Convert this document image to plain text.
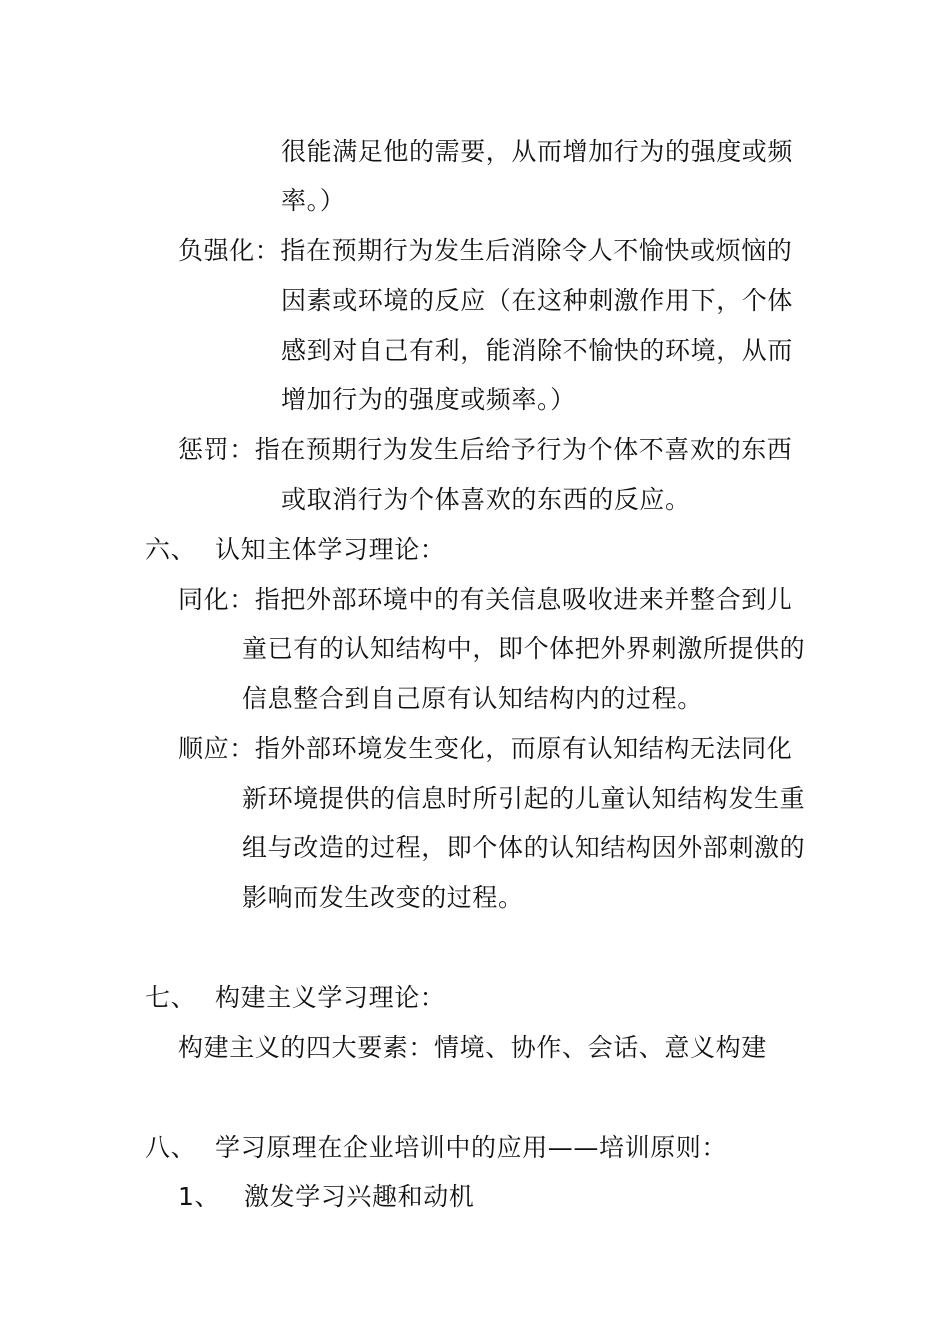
很能满足他的需要，从而增加行为的强度或频
率。）
负强化：指在预期行为发生后消除令人不愉快或烦恼的
因素或环境的反应（在这种刺激作用下，个体
感到对自己有利，能消除不愉快的环境，从而
增加行为的强度或频率。）
惩罚：指在预期行为发生后给予行为个体不喜欢的东西
或取消行为个体喜欢的东西的反应。
六、 认知主体学习理论：
同化：指把外部环境中的有关信息吸收进来并整合到儿
童已有的认知结构中，即个体把外界刺激所提供的
信息整合到自己原有认知结构内的过程。
顺应：指外部环境发生变化，而原有认知结构无法同化
新环境提供的信息时所引起的儿童认知结构发生重
组与改造的过程，即个体的认知结构因外部刺激的
影响而发生改变的过程。
七、 构建主义学习理论：
构建主义的四大要素：情境、协作、会话、意义构建
八、 学习原理在企业培训中的应用——培训原则：
1、 激发学习兴趣和动机
